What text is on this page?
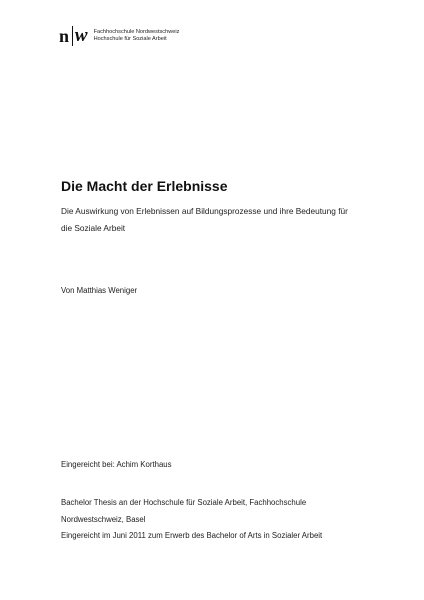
n w Fachhochschule Nordwestschweiz
Hochschule für Soziale Arbeit
Die Macht der Erlebnisse
Die Auswirkung von Erlebnissen auf Bildungsprozesse und ihre Bedeutung für
die Soziale Arbeit
Von Matthias Weniger
Eingereicht bei: Achim Korthaus
Bachelor Thesis an der Hochschule für Soziale Arbeit, Fachhochschule
Nordwestschweiz, Basel
Eingereicht im Juni 2011 zum Erwerb des Bachelor of Arts in Sozialer Arbeit
